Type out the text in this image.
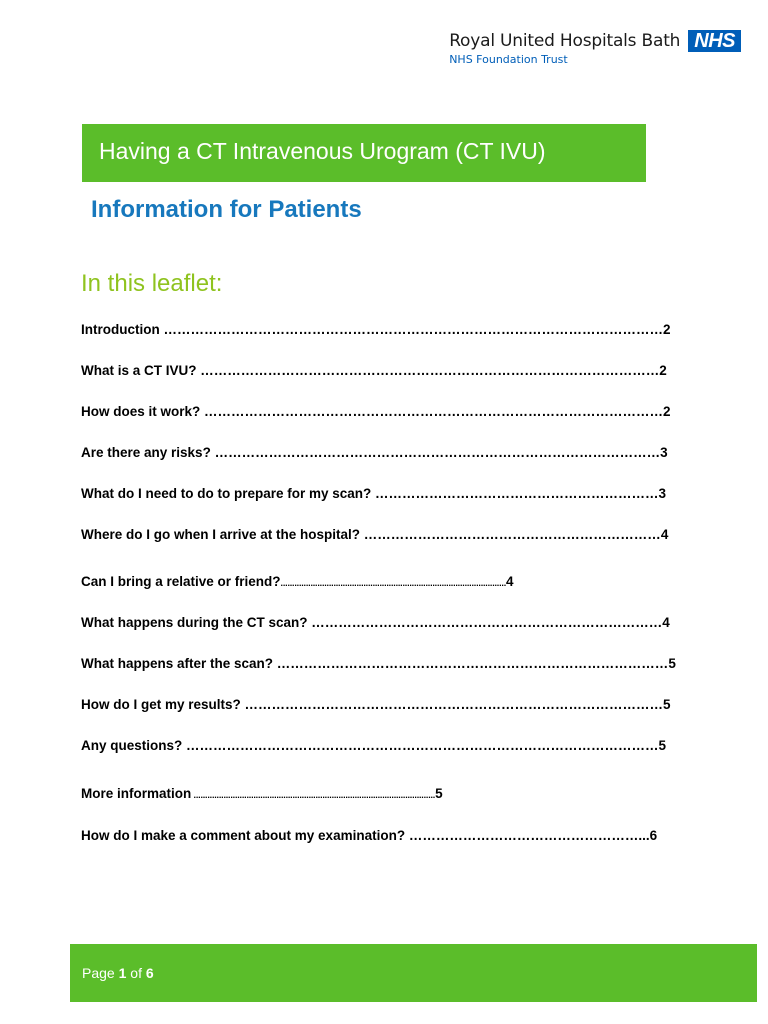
Royal United Hospitals Bath
NHS Foundation Trust
NHS
Having a CT Intravenous Urogram (CT IVU)
Information for Patients
In this leaflet:
Introduction …………………………………………………………………………………………………2
What is a CT IVU? …………………………………………………………………………………………2
How does it work? …………………………………………………………………………………………2
Are there any risks? ………………………………………………………………………………………3
What do I need to do to prepare for my scan? ………………………………………………………3
Where do I go when I arrive at the hospital? …………………………………………………………4
Can I bring a relative or friend?..................................................................................................4
What happens during the CT scan? ……………………………………………………………………4
What happens after the scan? ……………………………………………………………………………5
How do I get my results? …………………………………………………………………………………5
Any questions? ……………………………………………………………………………………………5
More information .........................................................................................................5
How do I make a comment about my examination? ……………………………………………...6
Page 1 of 6
